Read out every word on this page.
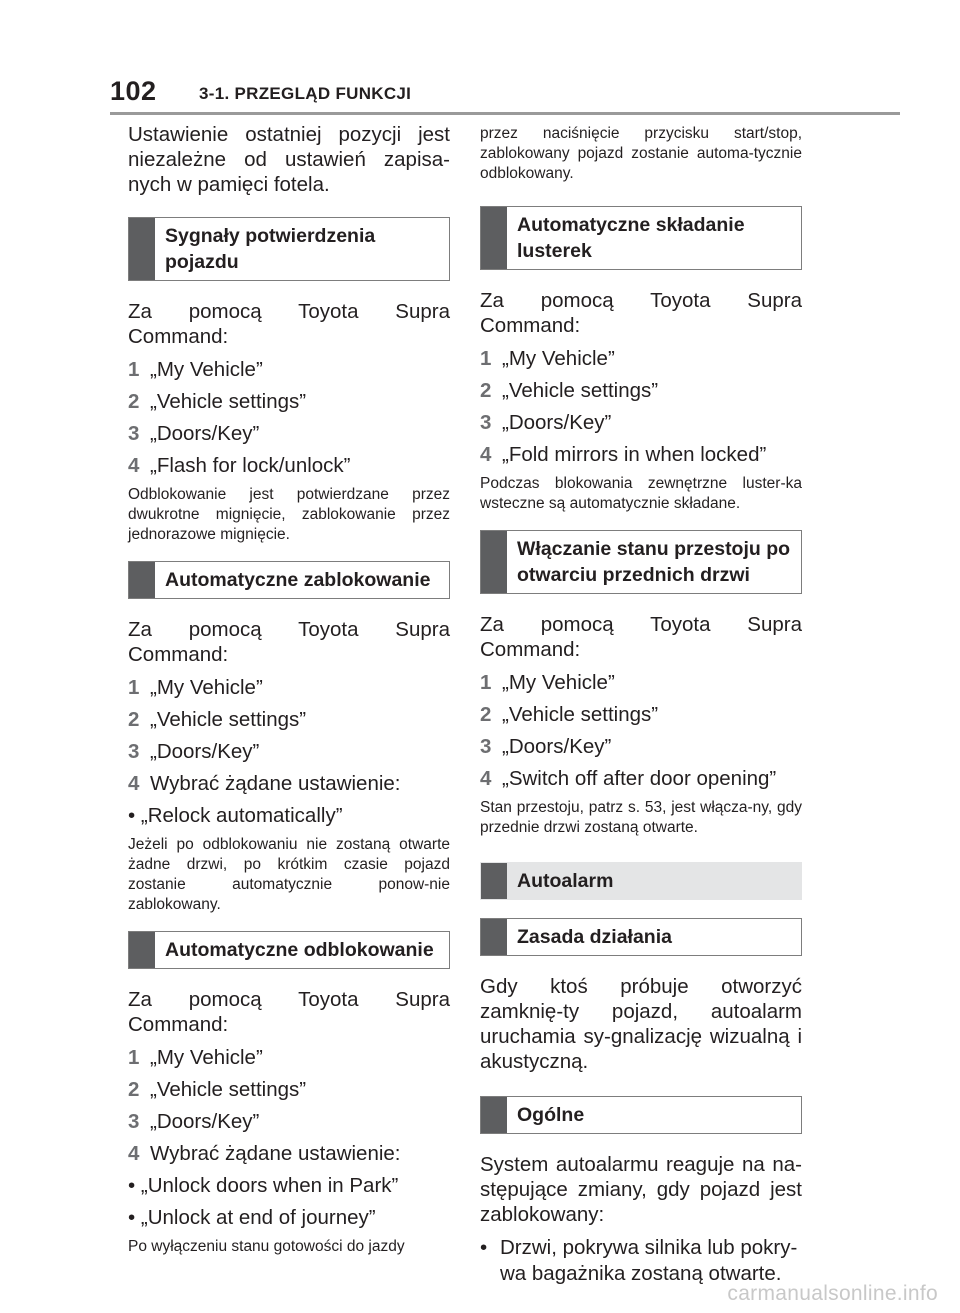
102 3-1. PRZEGLĄD FUNKCJI

Ustawienie ostatniej pozycji jest niezależne od ustawień zapisa-nych w pamięci fotela.

Sygnały potwierdzenia pojazdu

Za pomocą Toyota Supra Command:

1 „My Vehicle”
2 „Vehicle settings”
3 „Doors/Key”
4 „Flash for lock/unlock”

Odblokowanie jest potwierdzane przez dwukrotne mignięcie, zablokowanie przez jednorazowe mignięcie.

Automatyczne zablokowanie

Za pomocą Toyota Supra Command:

1 „My Vehicle”
2 „Vehicle settings”
3 „Doors/Key”
4 Wybrać żądane ustawienie:
• „Relock automatically”

Jeżeli po odblokowaniu nie zostaną otwarte żadne drzwi, po krótkim czasie pojazd zostanie automatycznie ponow-nie zablokowany.

Automatyczne odblokowanie

Za pomocą Toyota Supra Command:

1 „My Vehicle”
2 „Vehicle settings”
3 „Doors/Key”
4 Wybrać żądane ustawienie:
• „Unlock doors when in Park”
• „Unlock at end of journey”

Po wyłączeniu stanu gotowości do jazdy

przez naciśnięcie przycisku start/stop, zablokowany pojazd zostanie automa-tycznie odblokowany.

Automatyczne składanie lusterek

Za pomocą Toyota Supra Command:

1 „My Vehicle”
2 „Vehicle settings”
3 „Doors/Key”
4 „Fold mirrors in when locked”

Podczas blokowania zewnętrzne luster-ka wsteczne są automatycznie składane.

Włączanie stanu przestoju po otwarciu przednich drzwi

Za pomocą Toyota Supra Command:

1 „My Vehicle”
2 „Vehicle settings”
3 „Doors/Key”
4 „Switch off after door opening”

Stan przestoju, patrz s. 53, jest włącza-ny, gdy przednie drzwi zostaną otwarte.

Autoalarm
Zasada działania

Gdy ktoś próbuje otworzyć zamknię-ty pojazd, autoalarm uruchamia sy-gnalizację wizualną i akustyczną.

Ogólne

System autoalarmu reaguje na na-stępujące zmiany, gdy pojazd jest zablokowany:

• Drzwi, pokrywa silnika lub pokry-wa bagażnika zostaną otwarte.
carmanualsonline.info
